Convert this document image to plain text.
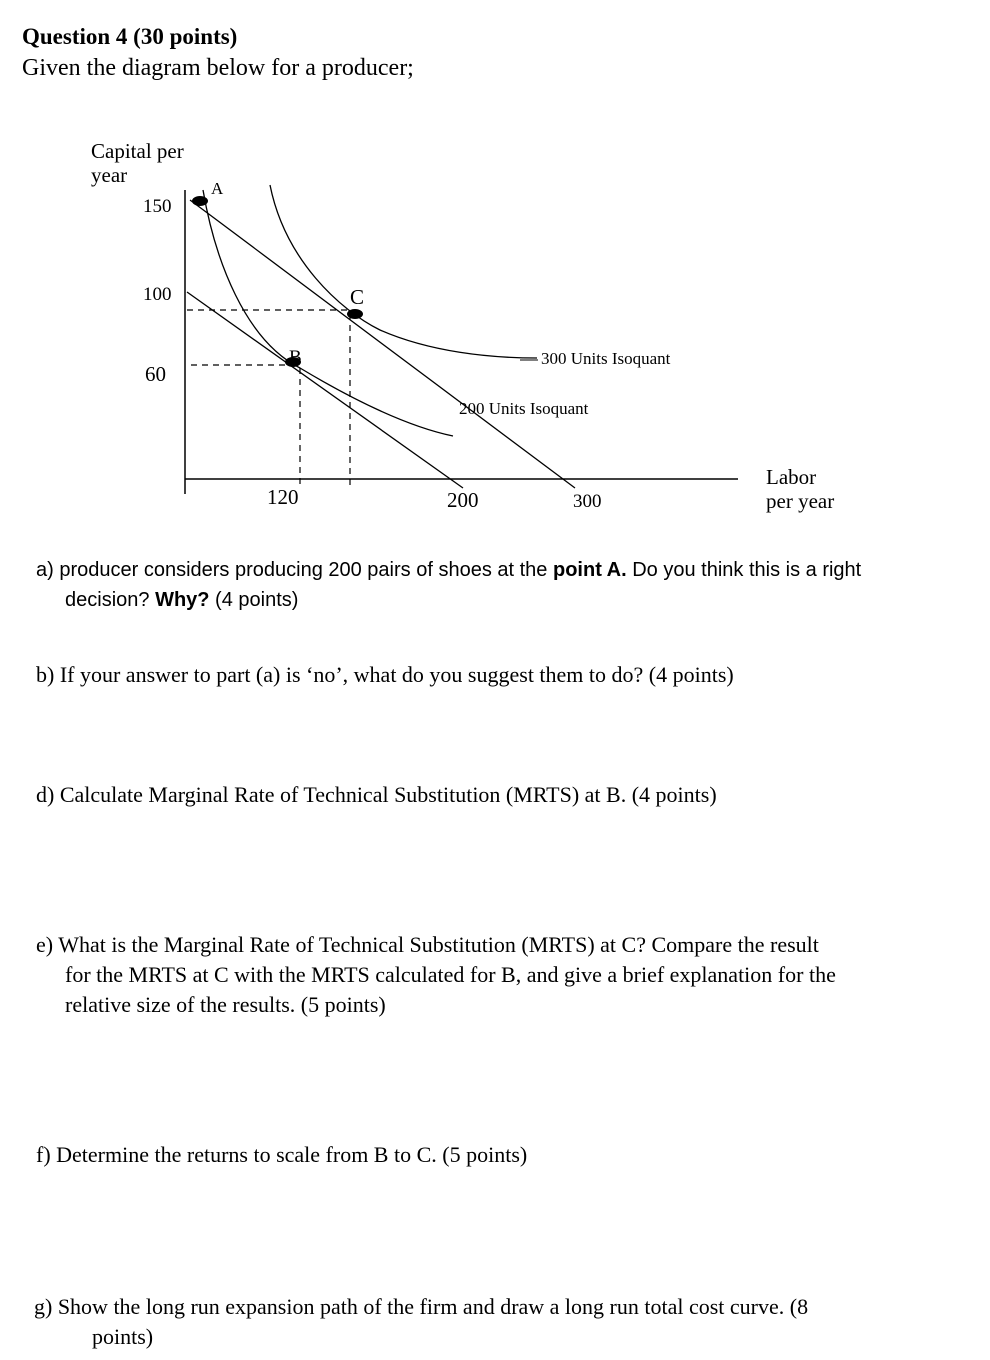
Question 4 (30 points)
Given the diagram below for a producer;
Capital per
year
150
100
60
120	200	300
Labor
per year
A
B
C
300 Units Isoquant
200 Units Isoquant
a) producer considers producing 200 pairs of shoes at the point A. Do you think this is a right
decision? Why? (4 points)
b) If your answer to part (a) is ‘no’, what do you suggest them to do? (4 points)
d) Calculate Marginal Rate of Technical Substitution (MRTS) at B. (4 points)
e) What is the Marginal Rate of Technical Substitution (MRTS) at C? Compare the result
for the MRTS at C with the MRTS calculated for B, and give a brief explanation for the
relative size of the results. (5 points)
f) Determine the returns to scale from B to C. (5 points)
g) Show the long run expansion path of the firm and draw a long run total cost curve. (8
points)
